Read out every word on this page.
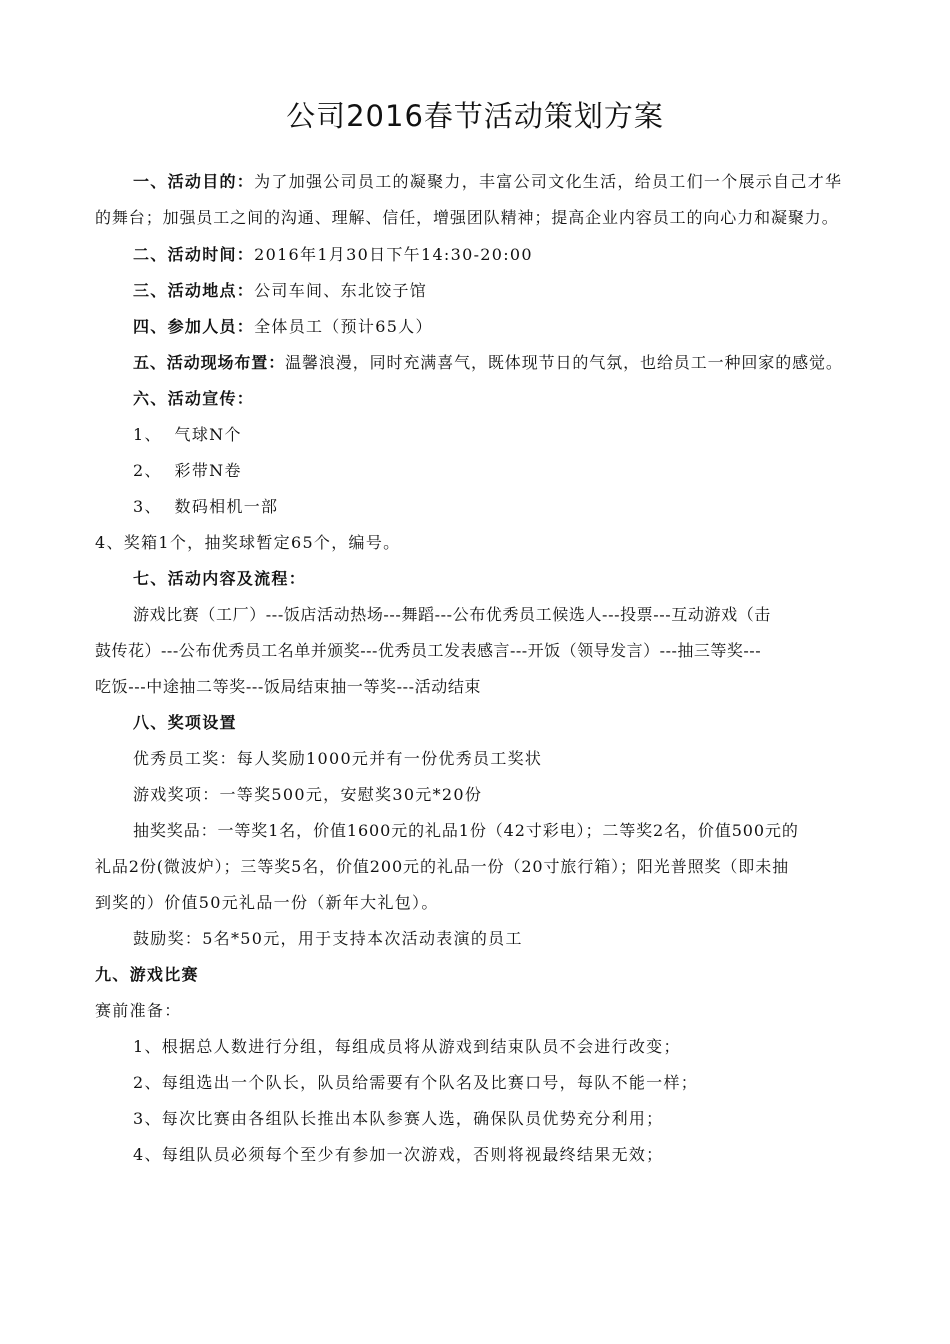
公司2016春节活动策划方案
一、活动目的：为了加强公司员工的凝聚力，丰富公司文化生活，给员工们一个展示自己才华
的舞台；加强员工之间的沟通、理解、信任，增强团队精神；提高企业内容员工的向心力和凝聚力。
二、活动时间：2016年1月30日下午14:30-20:00
三、活动地点：公司车间、东北饺子馆
四、参加人员：全体员工（预计65人）
五、活动现场布置：温馨浪漫，同时充满喜气，既体现节日的气氛，也给员工一种回家的感觉。
六、活动宣传：
1、  气球N个
2、  彩带N卷
3、  数码相机一部
4、奖箱1个，抽奖球暂定65个，编号。
七、活动内容及流程：
游戏比赛（工厂）---饭店活动热场---舞蹈---公布优秀员工候选人---投票---互动游戏（击
鼓传花）---公布优秀员工名单并颁奖---优秀员工发表感言---开饭（领导发言）---抽三等奖---
吃饭---中途抽二等奖---饭局结束抽一等奖---活动结束
八、奖项设置
优秀员工奖：每人奖励1000元并有一份优秀员工奖状
游戏奖项：一等奖500元，安慰奖30元*20份
抽奖奖品：一等奖1名，价值1600元的礼品1份（42寸彩电）；二等奖2名，价值500元的
礼品2份(微波炉）；三等奖5名，价值200元的礼品一份（20寸旅行箱）；阳光普照奖（即未抽
到奖的）价值50元礼品一份（新年大礼包）。
鼓励奖：5名*50元，用于支持本次活动表演的员工
九、游戏比赛
赛前准备：
1、根据总人数进行分组，每组成员将从游戏到结束队员不会进行改变；
2、每组选出一个队长，队员给需要有个队名及比赛口号，每队不能一样；
3、每次比赛由各组队长推出本队参赛人选，确保队员优势充分利用；
4、每组队员必须每个至少有参加一次游戏，否则将视最终结果无效；
